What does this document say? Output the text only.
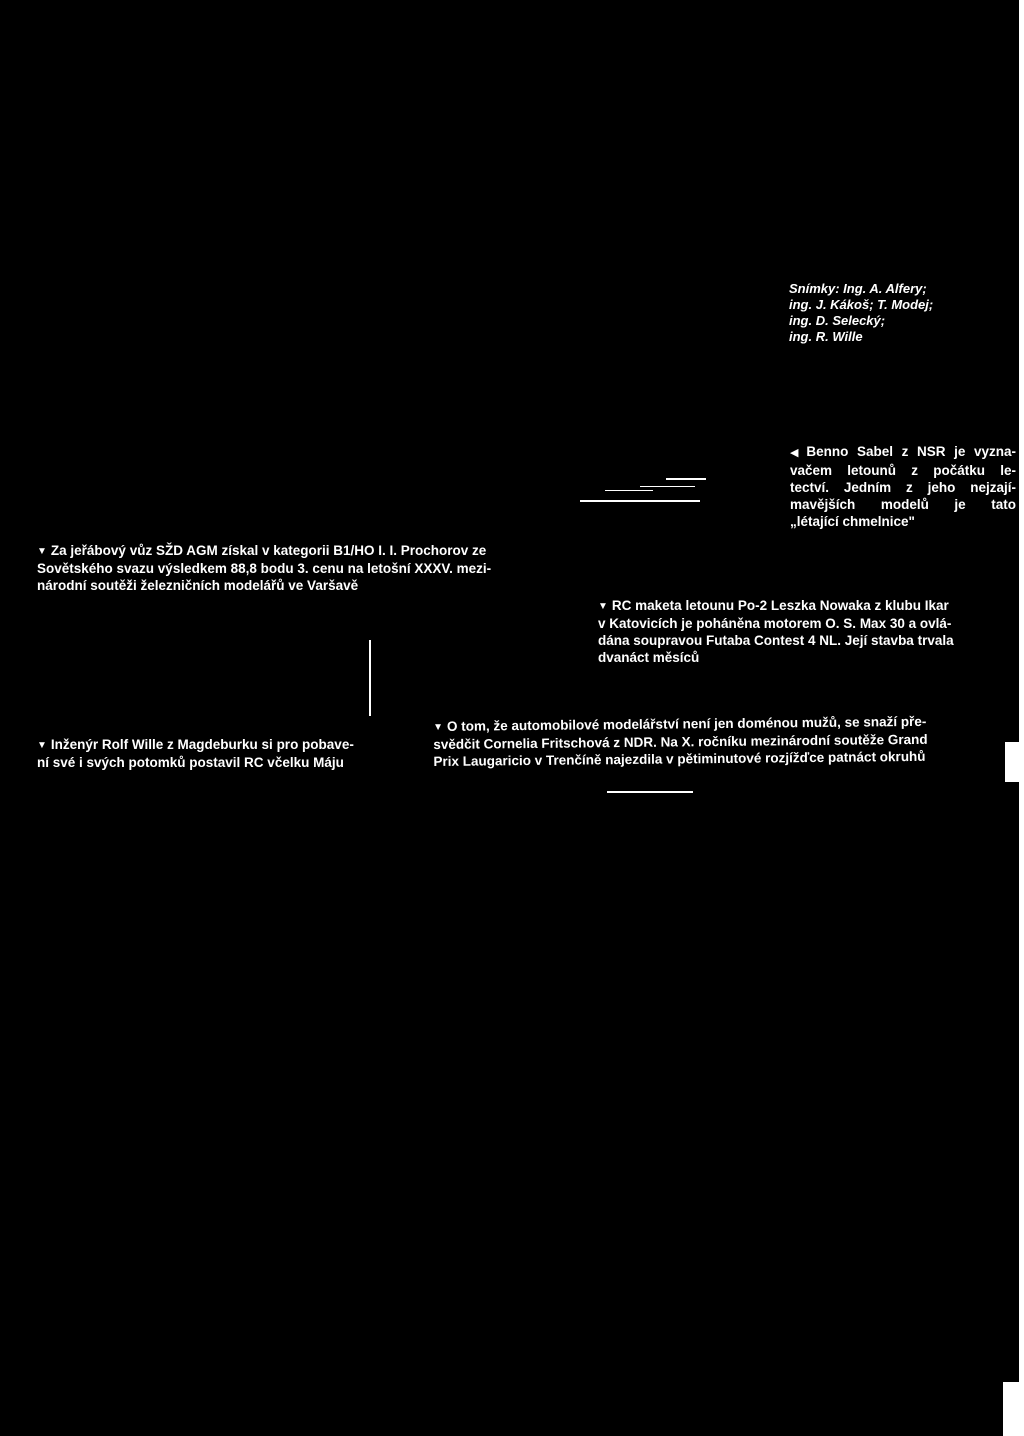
Snímky: Ing. A. Alfery;
ing. J. Kákoš; T. Modej;
ing. D. Selecký;
ing. R. Wille
◀ Benno Sabel z NSR je vyzna-
vačem letounů z počátku le-
tectví. Jedním z jeho nejzají-
mavějších modelů je tato
„létající chmelnice"
▼ Za jeřábový vůz SŽD AGM získal v kategorii B1/HO I. I. Prochorov ze
Sovětského svazu výsledkem 88,8 bodu 3. cenu na letošní XXXV. mezi-
národní soutěži železničních modelářů ve Varšavě
▼ RC maketa letounu Po-2 Leszka Nowaka z klubu Ikar
v Katovicích je poháněna motorem O. S. Max 30 a ovlá-
dána soupravou Futaba Contest 4 NL. Její stavba trvala
dvanáct měsíců
▼ Inženýr Rolf Wille z Magdeburku si pro pobave-
ní své i svých potomků postavil RC včelku Máju
▼ O tom, že automobilové modelářství není jen doménou mužů, se snaží pře-
svědčit Cornelia Fritschová z NDR. Na X. ročníku mezinárodní soutěže Grand
Prix Laugaricio v Trenčíně najezdila v pětiminutové rozjížďce patnáct okruhů
